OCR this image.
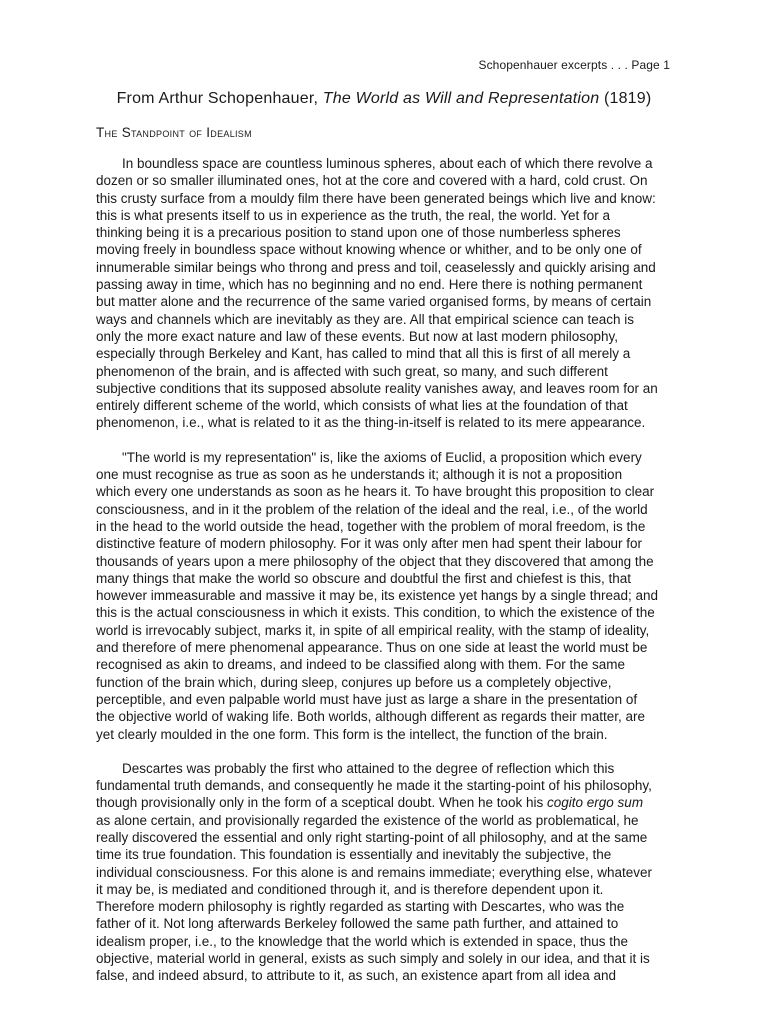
Schopenhauer excerpts . . . Page 1
From Arthur Schopenhauer, The World as Will and Representation (1819)
The Standpoint of Idealism

In boundless space are countless luminous spheres, about each of which there revolve a
dozen or so smaller illuminated ones, hot at the core and covered with a hard, cold crust. On
this crusty surface from a mouldy film there have been generated beings which live and know:
this is what presents itself to us in experience as the truth, the real, the world. Yet for a
thinking being it is a precarious position to stand upon one of those numberless spheres
moving freely in boundless space without knowing whence or whither, and to be only one of
innumerable similar beings who throng and press and toil, ceaselessly and quickly arising and
passing away in time, which has no beginning and no end. Here there is nothing permanent
but matter alone and the recurrence of the same varied organised forms, by means of certain
ways and channels which are inevitably as they are. All that empirical science can teach is
only the more exact nature and law of these events. But now at last modern philosophy,
especially through Berkeley and Kant, has called to mind that all this is first of all merely a
phenomenon of the brain, and is affected with such great, so many, and such different
subjective conditions that its supposed absolute reality vanishes away, and leaves room for an
entirely different scheme of the world, which consists of what lies at the foundation of that
phenomenon, i.e., what is related to it as the thing-in-itself is related to its mere appearance.

"The world is my representation" is, like the axioms of Euclid, a proposition which every
one must recognise as true as soon as he understands it; although it is not a proposition
which every one understands as soon as he hears it. To have brought this proposition to clear
consciousness, and in it the problem of the relation of the ideal and the real, i.e., of the world
in the head to the world outside the head, together with the problem of moral freedom, is the
distinctive feature of modern philosophy. For it was only after men had spent their labour for
thousands of years upon a mere philosophy of the object that they discovered that among the
many things that make the world so obscure and doubtful the first and chiefest is this, that
however immeasurable and massive it may be, its existence yet hangs by a single thread; and
this is the actual consciousness in which it exists. This condition, to which the existence of the
world is irrevocably subject, marks it, in spite of all empirical reality, with the stamp of ideality,
and therefore of mere phenomenal appearance. Thus on one side at least the world must be
recognised as akin to dreams, and indeed to be classified along with them. For the same
function of the brain which, during sleep, conjures up before us a completely objective,
perceptible, and even palpable world must have just as large a share in the presentation of
the objective world of waking life. Both worlds, although different as regards their matter, are
yet clearly moulded in the one form. This form is the intellect, the function of the brain.

Descartes was probably the first who attained to the degree of reflection which this
fundamental truth demands, and consequently he made it the starting-point of his philosophy,
though provisionally only in the form of a sceptical doubt. When he took his cogito ergo sum
as alone certain, and provisionally regarded the existence of the world as problematical, he
really discovered the essential and only right starting-point of all philosophy, and at the same
time its true foundation. This foundation is essentially and inevitably the subjective, the
individual consciousness. For this alone is and remains immediate; everything else, whatever
it may be, is mediated and conditioned through it, and is therefore dependent upon it.
Therefore modern philosophy is rightly regarded as starting with Descartes, who was the
father of it. Not long afterwards Berkeley followed the same path further, and attained to
idealism proper, i.e., to the knowledge that the world which is extended in space, thus the
objective, material world in general, exists as such simply and solely in our idea, and that it is
false, and indeed absurd, to attribute to it, as such, an existence apart from all idea and
